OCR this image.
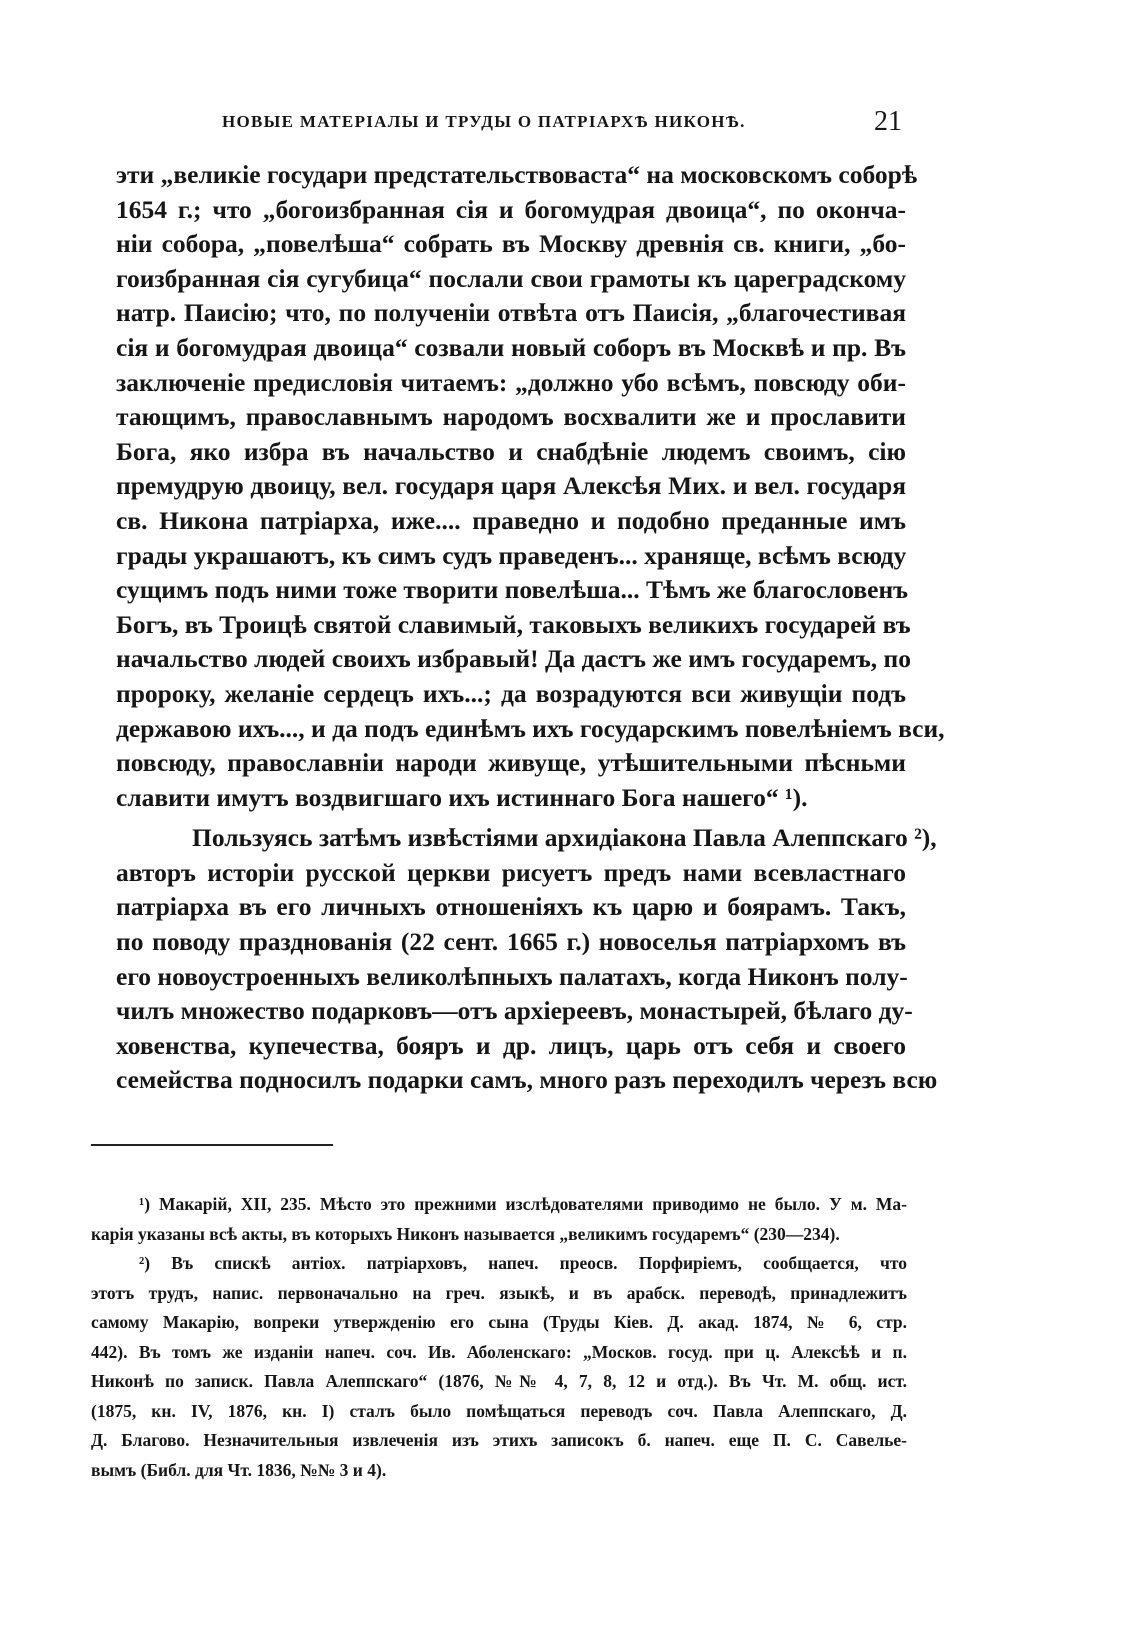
НОВЫЕ МАТЕРІАЛЫ И ТРУДЫ О ПАТРІАРХѢ НИКОНѢ.	21

эти „великіе государи предстательствоваста“ на московскомъ соборѣ
1654 г.; что „богоизбранная сія и богомудрая двоица“, по оконча-
ніи собора, „повелѣша“ собрать въ Москву древнія св. книги, „бо-
гоизбранная сія сугубица“ послали свои грамоты къ цареградскому
натр. Паисію; что, по полученіи отвѣта отъ Паисія, „благочестивая
сія и богомудрая двоица“ созвали новый соборъ въ Москвѣ и пр. Въ
заключеніе предисловія читаемъ: „должно убо всѣмъ, повсюду оби-
тающимъ, православнымъ народомъ восхвалити же и прославити
Бога, яко избра въ начальство и снабдѣніе людемъ своимъ, сію
премудрую двоицу, вел. государя царя Алексѣя Мих. и вел. государя
св. Никона патріарха, иже.... праведно и подобно преданные имъ
грады украшаютъ, къ симъ судъ праведенъ... хранящe, всѣмъ всюду
сущимъ подъ ними тоже творити повелѣша... Тѣмъ же благословенъ
Богъ, въ Троицѣ святой славимый, таковыхъ великихъ государей въ
начальство людей своихъ избравый! Да дастъ же имъ государемъ, по
пророку, желаніе сердецъ ихъ...; да возрадуются вси живущіи подъ
державою ихъ..., и да подъ единѣмъ ихъ государскимъ повелѣніемъ вси,
повсюду, православніи народи живуще, утѣшительными пѣсньми
славити имутъ воздвигшаго ихъ истиннаго Бога нашего“ ¹).

Пользуясь затѣмъ извѣстіями архидіакона Павла Алеппскаго ²),
авторъ исторіи русской церкви рисуетъ предъ нами всевластнаго
патріарха въ его личныхъ отношеніяхъ къ царю и боярамъ. Такъ,
по поводу празднованія (22 сент. 1665 г.) новоселья патріархомъ въ
его новоустроенныхъ великолѣпныхъ палатахъ, когда Никонъ полу-
чилъ множество подарковъ—отъ архіереевъ, монастырей, бѣлаго ду-
ховенства, купечества, бояръ и др. лицъ, царь отъ себя и своего
семейства подносилъ подарки самъ, много разъ переходилъ черезъ всю

¹) Макарій, XII, 235. Мѣсто это прежними изслѣдователями приводимо не было. У м. Ма-
карія указаны всѣ акты, въ которыхъ Никонъ называется „великимъ государемъ“ (230—234).
²) Въ спискѣ антіох. патріарховъ, напеч. преосв. Порфиріемъ, сообщается, что
этотъ трудъ, напис. первоначально на греч. языкѣ, и въ арабск. переводѣ, принадлежитъ
самому Макарію, вопреки утвержденію его сына (Труды Кіев. Д. акад. 1874, № 6, стр.
442). Въ томъ же изданіи напеч. соч. Ив. Аболенскаго: „Москов. госуд. при ц. Алексѣѣ и п.
Никонѣ по записк. Павла Алеппскаго“ (1876, №№ 4, 7, 8, 12 и отд.). Въ Чт. М. общ. ист.
(1875, кн. IV, 1876, кн. I) сталъ было помѣщаться переводъ соч. Павла Алеппскаго, Д.
Д. Благово. Незначительныя извлеченія изъ этихъ записокъ б. напеч. еще П. С. Савелье-
вымъ (Библ. для Чт. 1836, №№ 3 и 4).
